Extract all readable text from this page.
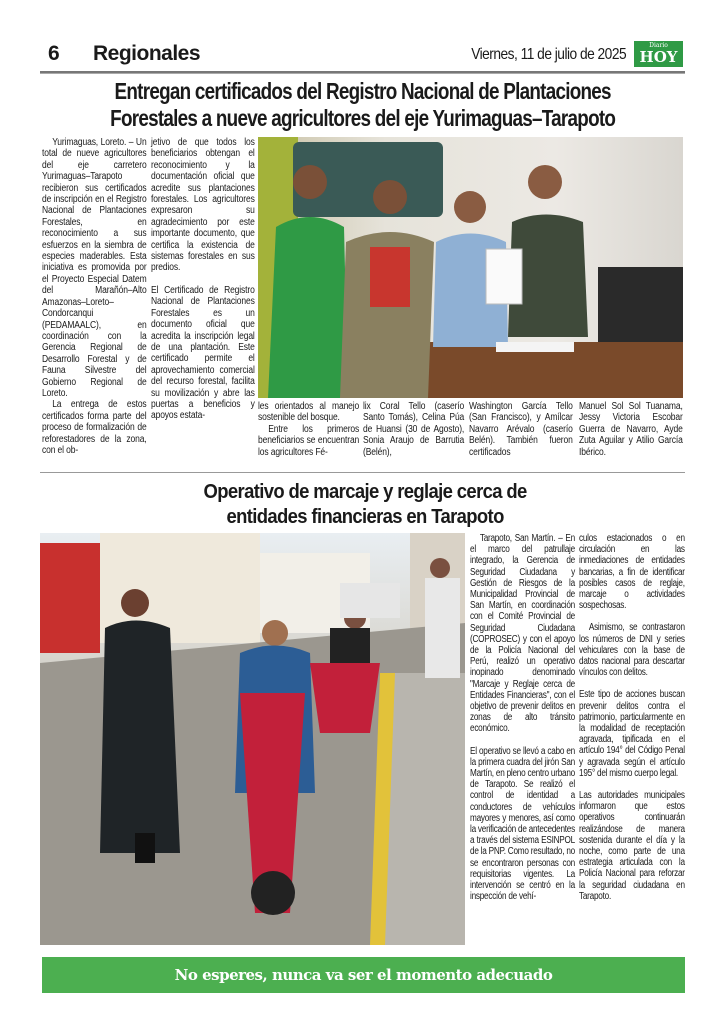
6 Regionales	Viernes, 11 de julio de 2025
Diario
HOY
Entregan certificados del Registro Nacional de Plantaciones
Forestales a nueve agricultores del eje Yurimaguas–Tarapoto

Yurimaguas, Loreto. – Un total de nueve agricultores del eje carretero Yurimaguas–Tarapoto recibieron sus certificados de inscripción en el Registro Nacional de Plantaciones Forestales, en reconocimiento a sus esfuerzos en la siembra de especies maderables. Esta iniciativa es promovida por el Proyecto Especial Datem del Marañón–Alto Amazonas–Loreto–Condorcanqui (PEDAMAALC), en coordinación con la Gerencia Regional de Desarrollo Forestal y de Fauna Silvestre del Gobierno Regional de Loreto.

La entrega de estos certificados forma parte del proceso de formalización de reforestadores de la zona, con el ob-

jetivo de que todos los beneficiarios obtengan el reconocimiento y la documentación oficial que acredite sus plantaciones forestales. Los agricultores expresaron su agradecimiento por este importante documento, que certifica la existencia de sistemas forestales en sus predios.

El Certificado de Registro Nacional de Plantaciones Forestales es un documento oficial que acredita la inscripción legal de una plantación. Este certificado permite el aprovechamiento comercial del recurso forestal, facilita su movilización y abre las puertas a beneficios y apoyos estata-

les orientados al manejo sostenible del bosque.

Entre los primeros beneficiarios se encuentran los agricultores Fé-

lix Coral Tello (caserío Santo Tomás), Celina Púa de Huansi (30 de Agosto), Sonia Araujo de Barrutia (Belén),

Washington García Tello (San Francisco), y Amílcar Navarro Arévalo (caserío Belén). También fueron certificados

Manuel Sol Sol Tuanama, Jessy Victoria Escobar Guerra de Navarro, Ayde Zuta Aguilar y Atilio García Ibérico.

Operativo de marcaje y reglaje cerca de
entidades financieras en Tarapoto

Tarapoto, San Martín. – En el marco del patrullaje integrado, la Gerencia de Seguridad Ciudadana y Gestión de Riesgos de la Municipalidad Provincial de San Martín, en coordinación con el Comité Provincial de Seguridad Ciudadana (COPROSEC) y con el apoyo de la Policía Nacional del Perú, realizó un operativo inopinado denominado "Marcaje y Reglaje cerca de Entidades Financieras", con el objetivo de prevenir delitos en zonas de alto tránsito económico.

El operativo se llevó a cabo en la primera cuadra del jirón San Martín, en pleno centro urbano de Tarapoto. Se realizó el control de identidad a conductores de vehículos mayores y menores, así como la verificación de antecedentes a través del sistema ESINPOL de la PNP. Como resultado, no se encontraron personas con requisitorias vigentes. La intervención se centró en la inspección de vehí-

culos estacionados o en circulación en las inmediaciones de entidades bancarias, a fin de identificar posibles casos de reglaje, marcaje o actividades sospechosas.

Asimismo, se contrastaron los números de DNI y series vehiculares con la base de datos nacional para descartar vínculos con delitos.

Este tipo de acciones buscan prevenir delitos contra el patrimonio, particularmente en la modalidad de receptación agravada, tipificada en el artículo 194° del Código Penal y agravada según el artículo 195° del mismo cuerpo legal.

Las autoridades municipales informaron que estos operativos continuarán realizándose de manera sostenida durante el día y la noche, como parte de una estrategia articulada con la Policía Nacional para reforzar la seguridad ciudadana en Tarapoto.

No esperes, nunca va ser el momento adecuado
